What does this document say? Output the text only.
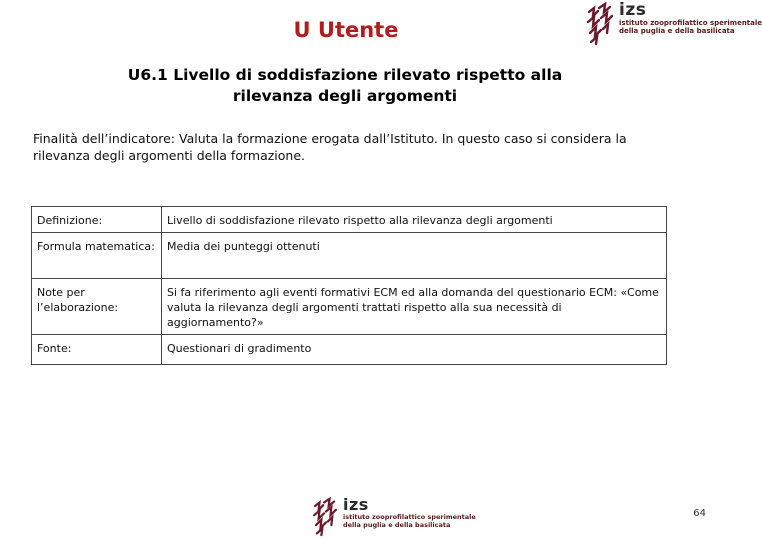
U Utente
izs
istituto zooprofilattico sperimentale
della puglia e della basilicata
U6.1 Livello di soddisfazione rilevato rispetto alla
rilevanza degli argomenti
Finalità dell’indicatore: Valuta la formazione erogata dall’Istituto. In questo caso si considera la rilevanza degli argomenti della formazione.
Definizione:	Livello di soddisfazione rilevato rispetto alla rilevanza degli argomenti
Formula matematica:	Media dei punteggi ottenuti
Note per l’elaborazione:	Si fa riferimento agli eventi formativi ECM ed alla domanda del questionario ECM: «Come valuta la rilevanza degli argomenti trattati rispetto alla sua necessità di aggiornamento?»
Fonte:	Questionari di gradimento
izs
istituto zooprofilattico sperimentale
della puglia e della basilicata
64
